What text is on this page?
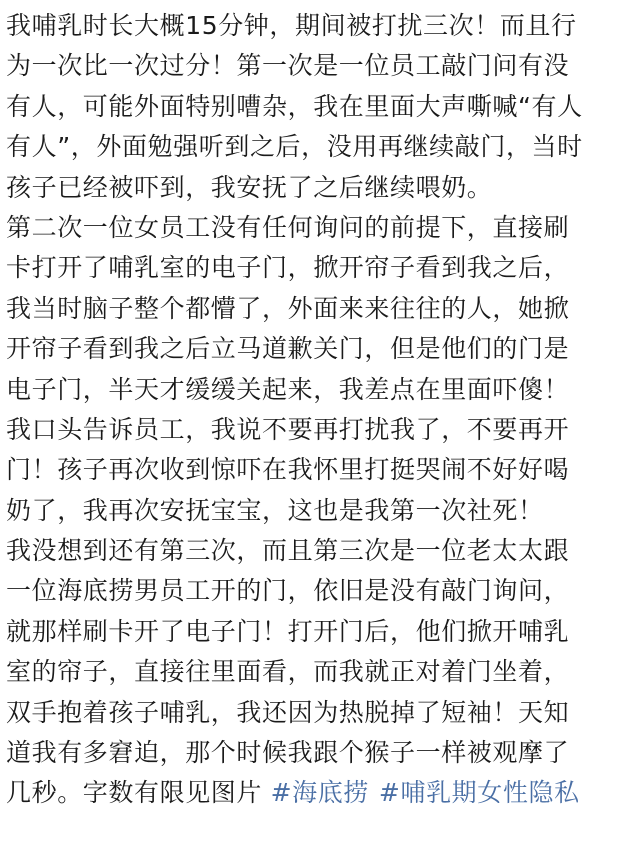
我哺乳时长大概15分钟，期间被打扰三次！而且行
为一次比一次过分！第一次是一位员工敲门问有没
有人，可能外面特别嘈杂，我在里面大声嘶喊“有人
有人”，外面勉强听到之后，没用再继续敲门，当时
孩子已经被吓到，我安抚了之后继续喂奶。
第二次一位女员工没有任何询问的前提下，直接刷
卡打开了哺乳室的电子门，掀开帘子看到我之后，
我当时脑子整个都懵了，外面来来往往的人，她掀
开帘子看到我之后立马道歉关门，但是他们的门是
电子门，半天才缓缓关起来，我差点在里面吓傻！
我口头告诉员工，我说不要再打扰我了，不要再开
门！孩子再次收到惊吓在我怀里打挺哭闹不好好喝
奶了，我再次安抚宝宝，这也是我第一次社死！
我没想到还有第三次，而且第三次是一位老太太跟
一位海底捞男员工开的门，依旧是没有敲门询问，
就那样刷卡开了电子门！打开门后，他们掀开哺乳
室的帘子，直接往里面看，而我就正对着门坐着，
双手抱着孩子哺乳，我还因为热脱掉了短袖！天知
道我有多窘迫，那个时候我跟个猴子一样被观摩了
几秒。字数有限见图片 #海底捞 #哺乳期女性隐私
